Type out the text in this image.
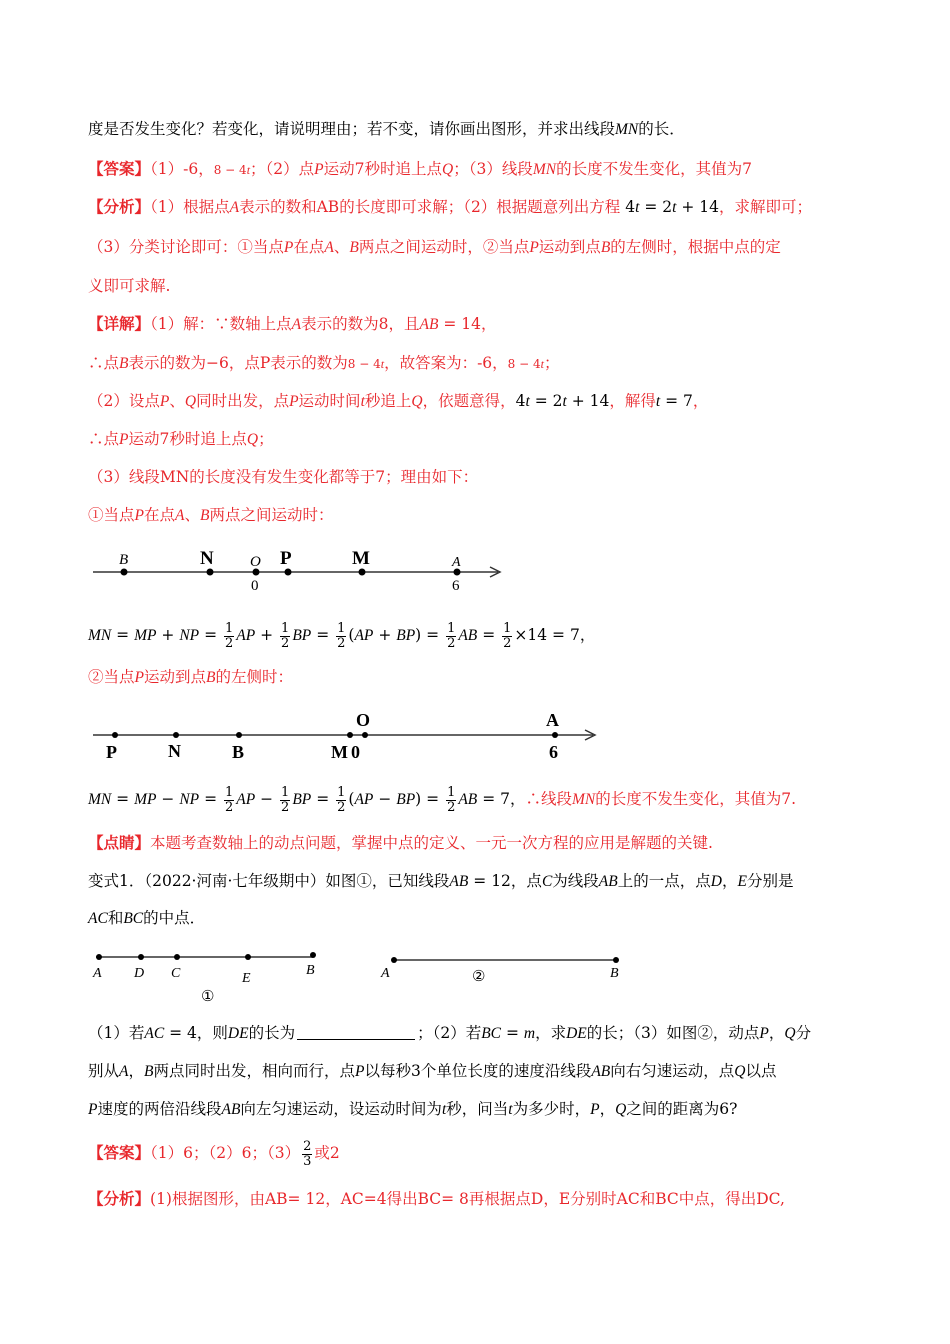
度是否发生变化？若变化，请说明理由；若不变，请你画出图形，并求出线段MN的长．
【答案】（1）-6，8 − 4t；（2）点P运动7秒时追上点Q；（3）线段MN的长度不发生变化，其值为7
【分析】（1）根据点A表示的数和AB的长度即可求解；（2）根据题意列出方程 4t = 2t + 14，求解即可；
（3）分类讨论即可：①当点P在点A、B两点之间运动时，②当点P运动到点B的左侧时，根据中点的定
义即可求解.
【详解】（1）解：∵数轴上点A表示的数为8，且AB = 14，
∴点B表示的数为−6，点P表示的数为8 − 4t，故答案为：-6，8 − 4t；
（2）设点P、Q同时出发，点P运动时间t秒追上Q，依题意得，4t = 2t + 14，解得t = 7，
∴点P运动7秒时追上点Q；
（3）线段MN的长度没有发生变化都等于7；理由如下：
①当点P在点A、B两点之间运动时：
B	N O P	M	A
0	6
MN = MP + NP = $\frac{1}{2}$ AP + $\frac{1}{2}$ BP = $\frac{1}{2} (AP + BP) = \frac{1}{2}$ AB = $\frac{1}{2} \times 14 = 7$，
②当点P运动到点B的左侧时：
P	N	B	M
O	A
0	6
MN = MP − NP = $\frac{1}{2}$ AP − $\frac{1}{2}$ BP = $\frac{1}{2} (AP - BP) = \frac{1}{2}$ AB = 7，∴线段MN的长度不发生变化，其值为7.
【点睛】本题考查数轴上的动点问题，掌握中点的定义、一元一次方程的应用是解题的关键.
变式1．（2022·河南·七年级期中）如图①，已知线段AB = 12，点C为线段AB上的一点，点D，E分别是
AC和BC的中点．
A D C	E
B
①
A	B
②
（1）若AC = 4，则DE的长为	；（2）若BC = m，求DE的长；（3）如图②，动点P，Q分
别从A，B两点同时出发，相向而行，点P以每秒3个单位长度的速度沿线段AB向右匀速运动，点Q以点
P速度的两倍沿线段AB向左匀速运动，设运动时间为t秒，问当t为多少时，P，Q之间的距离为6?
【答案】（1）6；（2）6；$(3) \frac{2}{3}$ 或2
【分析】(1)根据图形，由AB= 12，AC=4得出BC= 8再根据点D，E分别时AC和BC中点，得出DC,
